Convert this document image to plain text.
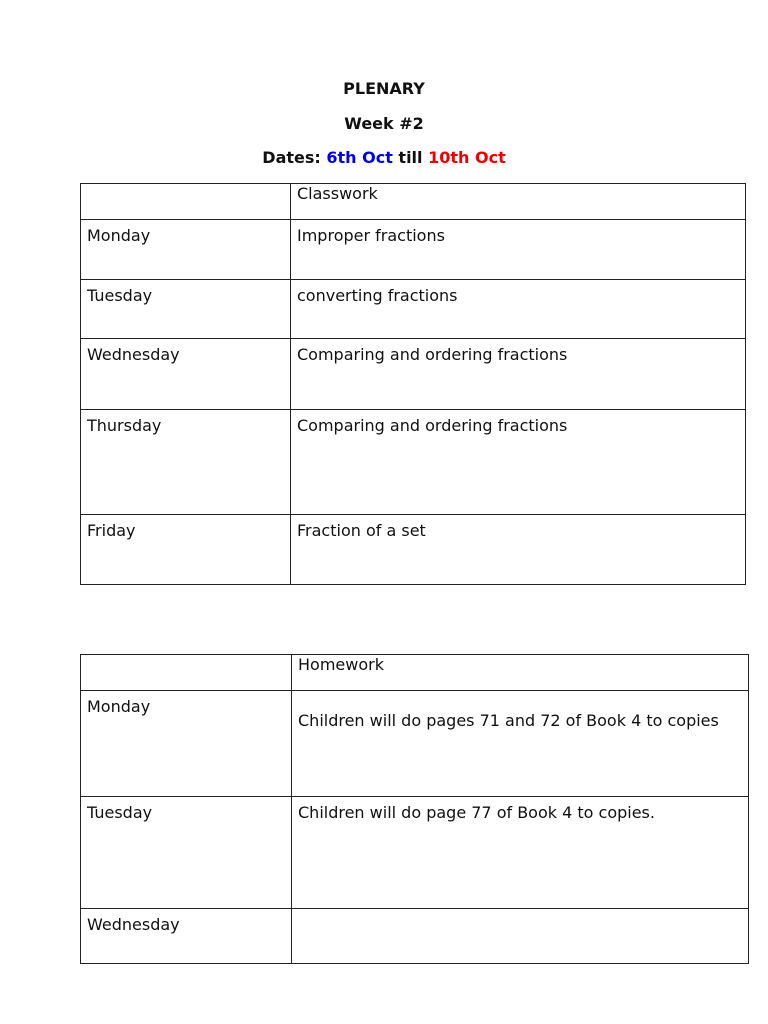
PLENARY

Week #2

Dates: 6th Oct till 10th Oct

	Classwork
Monday	Improper fractions
Tuesday	converting fractions
Wednesday	Comparing and ordering fractions
Thursday	Comparing and ordering fractions
Friday	Fraction of a set
	Homework
Monday	Children will do pages 71 and 72 of Book 4 to copies

Tuesday	Children will do page 77 of Book 4 to copies.
Wednesday	
